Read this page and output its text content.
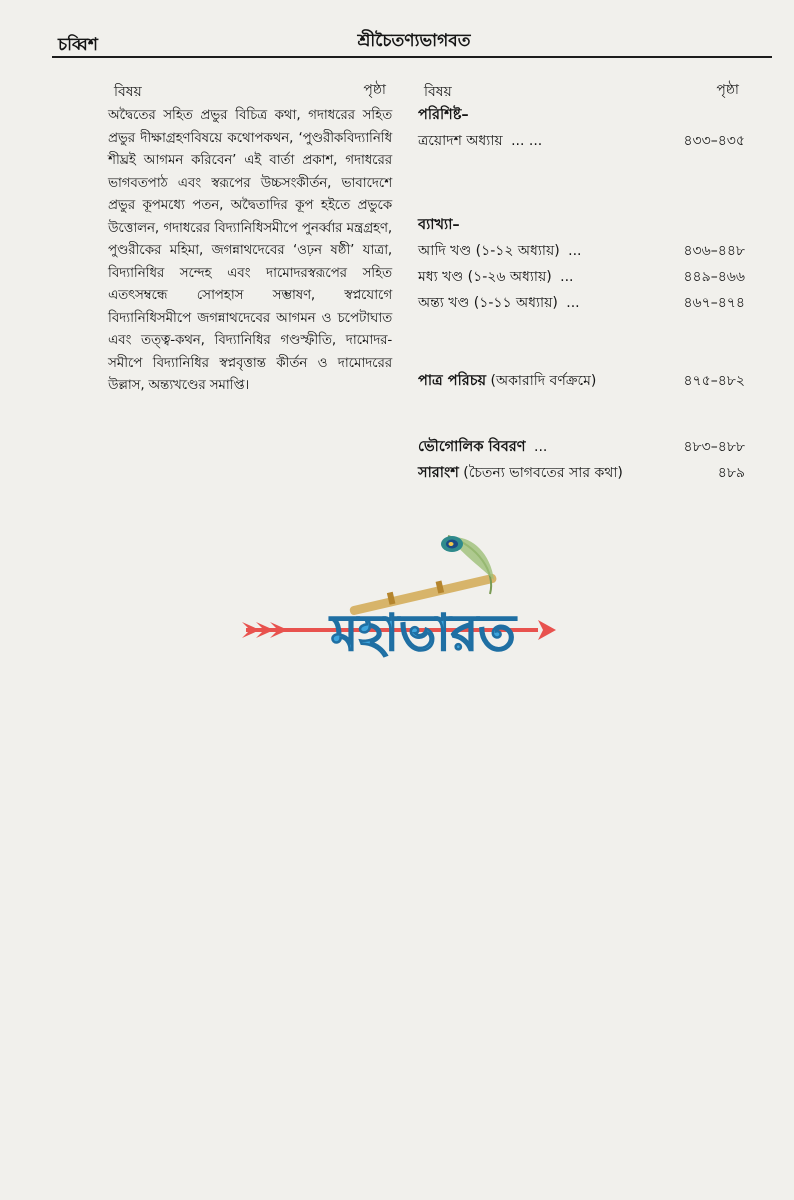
চব্বিশ	শ্রীচৈতণ্যভাগবত
বিষয়	পৃষ্ঠা

অদ্বৈতের সহিত প্রভুর বিচিত্র কথা, গদাধরের সহিত প্রভুর দীক্ষাগ্রহণবিষয়ে কথোপকথন, ‘পুণ্ডরীকবিদ্যানিধি শীঘ্রই আগমন করিবেন’ এই বার্তা প্রকাশ, গদাধরের ভাগবতপাঠ এবং স্বরূপের উচ্চসংকীর্তন, ভাবাদেশে প্রভুর কূপমধ্যে পতন, অদ্বৈতাদির কূপ হইতে প্রভুকে উত্তোলন, গদাধরের বিদ্যানিধিসমীপে পুনর্ব্বার মন্ত্রগ্রহণ, পুণ্ডরীকের মহিমা, জগন্নাথদেবের ‘ওঢ়ন ষষ্ঠী’ যাত্রা, বিদ্যানিধির সন্দেহ এবং দামোদরস্বরূপের সহিত এতৎসম্বন্ধে সোপহাস সম্ভাষণ, স্বপ্নযোগে বিদ্যানিধিসমীপে জগন্নাথদেবের আগমন ও চপেটাঘাত এবং তত্ত্ব-কথন, বিদ্যানিধির গণ্ডস্ফীতি, দামোদর-সমীপে বিদ্যানিধির স্বপ্নবৃত্তান্ত কীর্তন ও দামোদরের উল্লাস, অন্ত্যখণ্ডের সমাপ্তি।

বিষয়	পৃষ্ঠা
পরিশিষ্ট–
ত্রয়োদশ অধ্যায় ... ...	৪৩৩–৪৩৫
ব্যাখ্যা–
আদি খণ্ড (১-১২ অধ্যায়) ...	৪৩৬–৪৪৮
মধ্য খণ্ড (১-২৬ অধ্যায়) ...	৪৪৯–৪৬৬
অন্ত্য খণ্ড (১-১১ অধ্যায়) ...	৪৬৭–৪৭৪
পাত্র পরিচয় (অকারাদি বর্ণক্রমে)	৪৭৫–৪৮২
ভৌগোলিক বিবরণ ...	৪৮৩–৪৮৮
সারাংশ (চৈতন্য ভাগবতের সার কথা)	৪৮৯
মহাভারত
